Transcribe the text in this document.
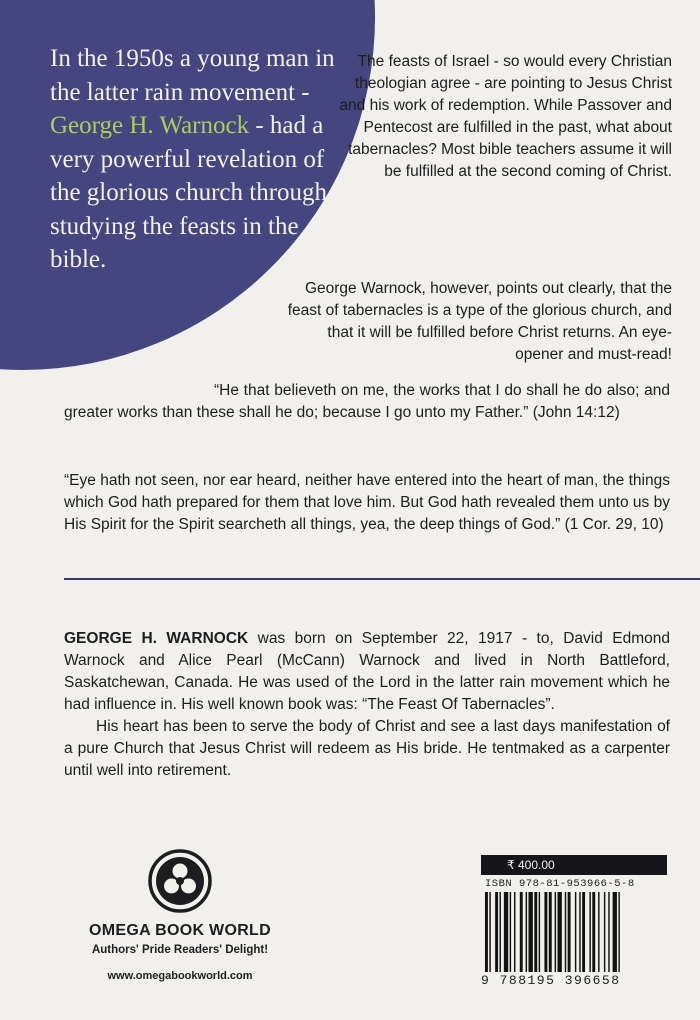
In the 1950s a young man in the latter rain movement - George H. Warnock - had a very powerful revelation of the glorious church through studying the feasts in the bible.
The feasts of Israel - so would every Christian theologian agree - are pointing to Jesus Christ and his work of redemption. While Passover and Pentecost are fulfilled in the past, what about tabernacles? Most bible teachers assume it will be fulfilled at the second coming of Christ.
George Warnock, however, points out clearly, that the feast of tabernacles is a type of the glorious church, and that it will be fulfilled before Christ returns. An eye-opener and must-read!
“He that believeth on me, the works that I do shall he do also; and greater works than these shall he do; because I go unto my Father.” (John 14:12)
“Eye hath not seen, nor ear heard, neither have entered into the heart of man, the things which God hath prepared for them that love him. But God hath revealed them unto us by His Spirit for the Spirit searcheth all things, yea, the deep things of God.” (1 Cor. 29, 10)

GEORGE H. WARNOCK was born on September 22, 1917 - to, David Edmond Warnock and Alice Pearl (McCann) Warnock and lived in North Battleford, Saskatchewan, Canada. He was used of the Lord in the latter rain movement which he had influence in. His well known book was: “The Feast Of Tabernacles”.

His heart has been to serve the body of Christ and see a last days manifestation of a pure Church that Jesus Christ will redeem as His bride. He tentmaked as a carpenter until well into retirement.

OMEGA BOOK WORLD
Authors' Pride Readers' Delight!
www.omegabookworld.com
₹ 400.00
ISBN 978-81-953966-5-8
9 788195 396658
